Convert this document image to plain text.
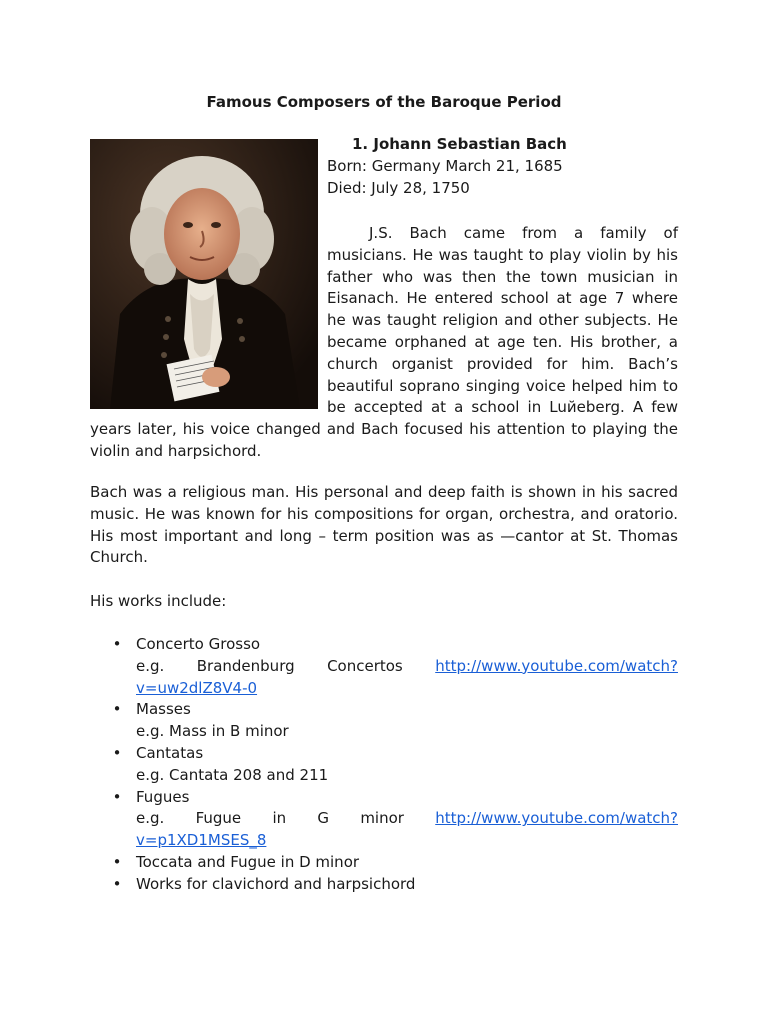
Famous Composers of the Baroque Period
1. Johann Sebastian Bach
Born: Germany March 21, 1685
Died: July 28, 1750
J.S. Bach came from a family of musicians. He was taught to play violin by his father who was then the town musician in Eisanach. He entered school at age 7 where he was taught religion and other subjects. He became orphaned at age ten. His brother, a church organist provided for him. Bach’s beautiful soprano singing voice helped him to be accepted at a school in Luйeberg. A few years later, his voice changed and Bach focused his attention to playing the violin and harpsichord.
Bach was a religious man. His personal and deep faith is shown in his sacred music. He was known for his compositions for organ, orchestra, and oratorio. His most important and long – term position was as —cantor at St. Thomas Church.
His works include:
• Concerto Grosso
e.g. Brandenburg Concertos http://www.youtube.com/watch?
v=uw2dlZ8V4-0
• Masses
e.g. Mass in B minor
• Cantatas
e.g. Cantata 208 and 211
• Fugues
e.g. Fugue in G minor http://www.youtube.com/watch?
v=p1XD1MSES_8
• Toccata and Fugue in D minor
• Works for clavichord and harpsichord
